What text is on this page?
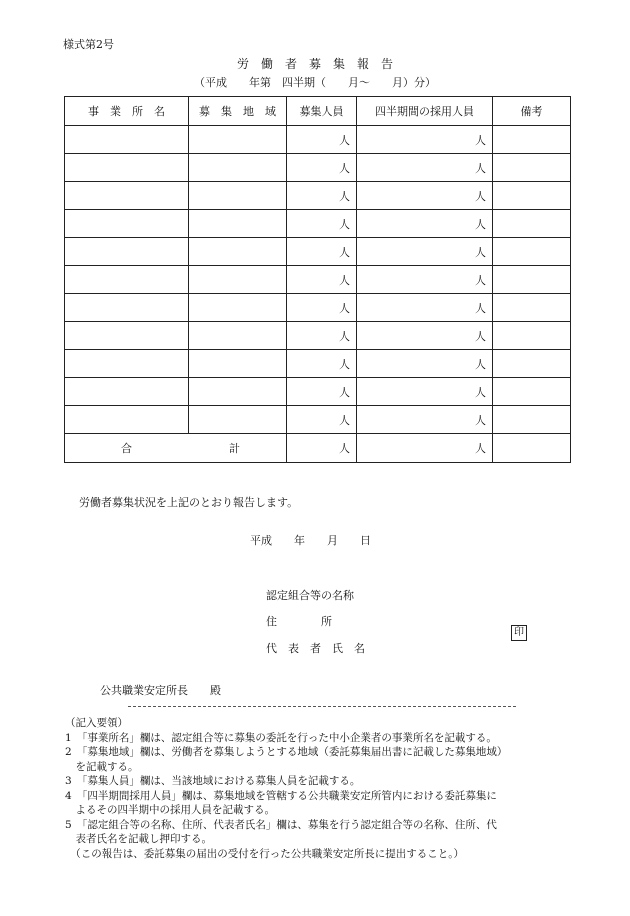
様式第2号
労　働　者　募　集　報　告
（平成　　年第　四半期（　　月～　　月）分）
事　業　所　名	募　集　地　域	募集人員	四半期間の採用人員	備考
		人	人	
		人	人	
		人	人	
		人	人	
		人	人	
		人	人	
		人	人	
		人	人	
		人	人	
		人	人	
		人	人	

合 計		人	人	
労働者募集状況を上記のとおり報告します。
平成　　年　　月　　日
認定組合等の名称
住　　　　所
代　表　者　氏　名
印
公共職業安定所長　　殿
（記入要領）
1　「事業所名」欄は、認定組合等に募集の委託を行った中小企業者の事業所名を記載する。
2　「募集地域」欄は、労働者を募集しようとする地域（委託募集届出書に記載した募集地域）
　を記載する。
3　「募集人員」欄は、当該地域における募集人員を記載する。
4　「四半期間採用人員」欄は、募集地域を管轄する公共職業安定所管内における委託募集に
　よるその四半期中の採用人員を記載する。
5　「認定組合等の名称、住所、代表者氏名」欄は、募集を行う認定組合等の名称、住所、代
　表者氏名を記載し押印する。
　（この報告は、委託募集の届出の受付を行った公共職業安定所長に提出すること。）
